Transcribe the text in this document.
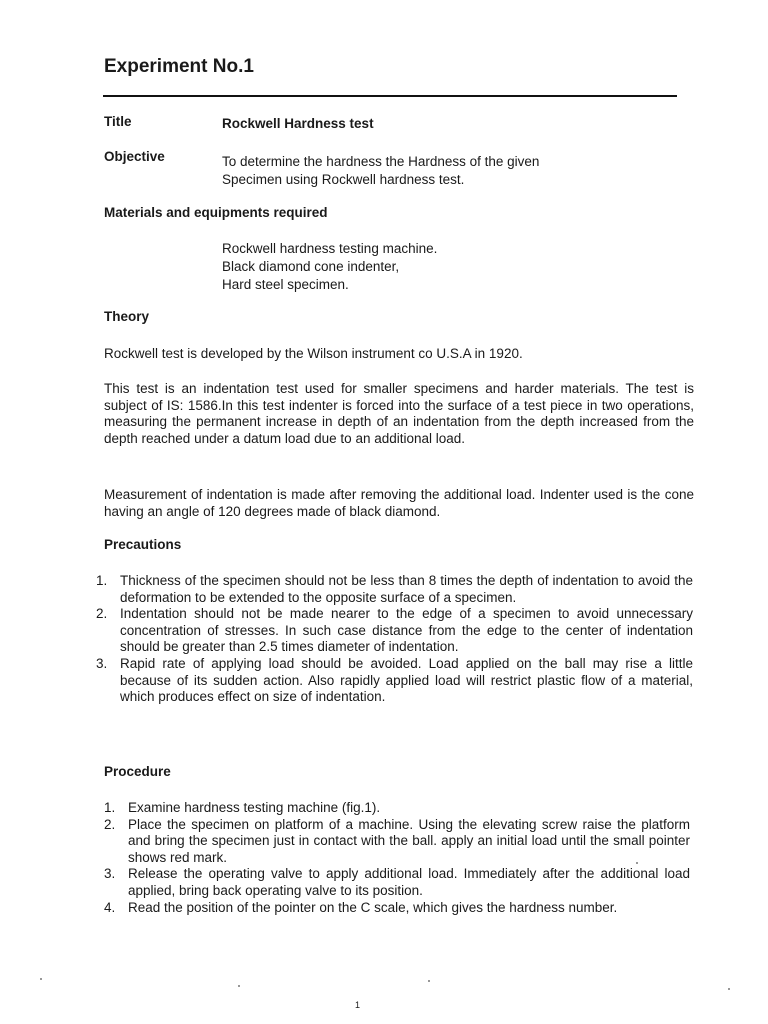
Experiment No.1
Title	Rockwell Hardness test
Objective	To determine the hardness the Hardness of the given
Specimen using Rockwell hardness test.
Materials and equipments required
Rockwell hardness testing machine.
Black diamond cone indenter,
Hard steel specimen.
Theory

Rockwell test is developed by the Wilson instrument co U.S.A in 1920.

This test is an indentation test used for smaller specimens and harder materials. The test is subject of IS: 1586.In this test indenter is forced into the surface of a test piece in two operations, measuring the permanent increase in depth of an indentation from the depth increased from the depth reached under a datum load due to an additional load.

Measurement of indentation is made after removing the additional load. Indenter used is the cone having an angle of 120 degrees made of black diamond.

Precautions
1. Thickness of the specimen should not be less than 8 times the depth of indentation to avoid the deformation to be extended to the opposite surface of a specimen.
2. Indentation should not be made nearer to the edge of a specimen to avoid unnecessary concentration of stresses. In such case distance from the edge to the center of indentation should be greater than 2.5 times diameter of indentation.
3. Rapid rate of applying load should be avoided. Load applied on the ball may rise a little because of its sudden action. Also rapidly applied load will restrict plastic flow of a material, which produces effect on size of indentation.
Procedure
1. Examine hardness testing machine (fig.1).
2. Place the specimen on platform of a machine. Using the elevating screw raise the platform and bring the specimen just in contact with the ball. apply an initial load until the small pointer shows red mark.
3. Release the operating valve to apply additional load. Immediately after the additional load applied, bring back operating valve to its position.
4. Read the position of the pointer on the C scale, which gives the hardness number.
1
